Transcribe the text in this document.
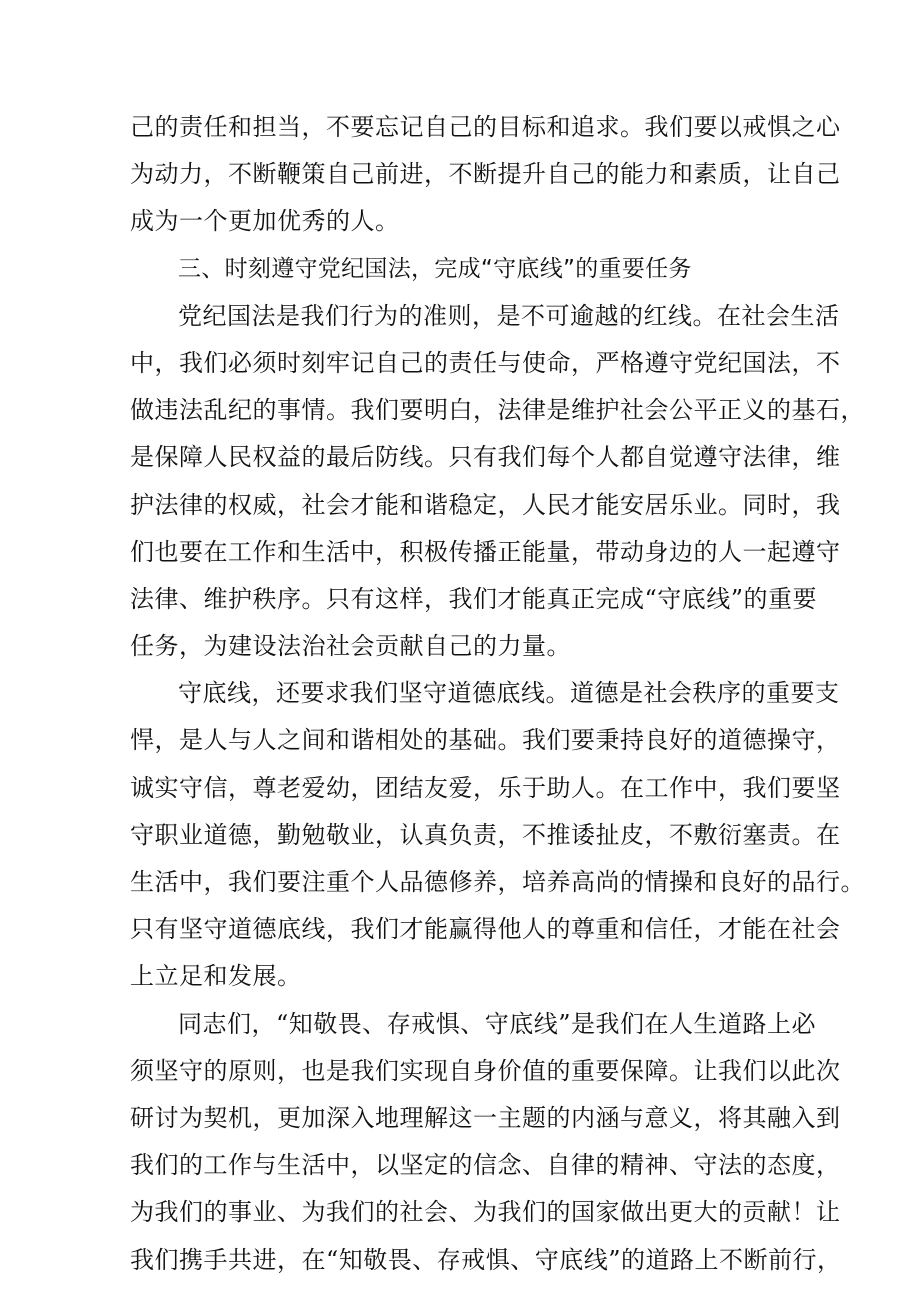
己的责任和担当，不要忘记自己的目标和追求。我们要以戒惧之心
为动力，不断鞭策自己前进，不断提升自己的能力和素质，让自己
成为一个更加优秀的人。
三、时刻遵守党纪国法，完成“守底线”的重要任务
党纪国法是我们行为的准则，是不可逾越的红线。在社会生活
中，我们必须时刻牢记自己的责任与使命，严格遵守党纪国法，不
做违法乱纪的事情。我们要明白，法律是维护社会公平正义的基石，
是保障人民权益的最后防线。只有我们每个人都自觉遵守法律，维
护法律的权威，社会才能和谐稳定，人民才能安居乐业。同时，我
们也要在工作和生活中，积极传播正能量，带动身边的人一起遵守
法律、维护秩序。只有这样，我们才能真正完成“守底线”的重要
任务，为建设法治社会贡献自己的力量。
守底线，还要求我们坚守道德底线。道德是社会秩序的重要支
悍，是人与人之间和谐相处的基础。我们要秉持良好的道德操守，
诚实守信，尊老爱幼，团结友爱，乐于助人。在工作中，我们要坚
守职业道德，勤勉敬业，认真负责，不推诿扯皮，不敷衍塞责。在
生活中，我们要注重个人品德修养，培养高尚的情操和良好的品行。
只有坚守道德底线，我们才能赢得他人的尊重和信任，才能在社会
上立足和发展。
同志们，“知敬畏、存戒惧、守底线”是我们在人生道路上必
须坚守的原则，也是我们实现自身价值的重要保障。让我们以此次
研讨为契机，更加深入地理解这一主题的内涵与意义，将其融入到
我们的工作与生活中，以坚定的信念、自律的精神、守法的态度，
为我们的事业、为我们的社会、为我们的国家做出更大的贡献！让
我们携手共进，在“知敬畏、存戒惧、守底线”的道路上不断前行，
